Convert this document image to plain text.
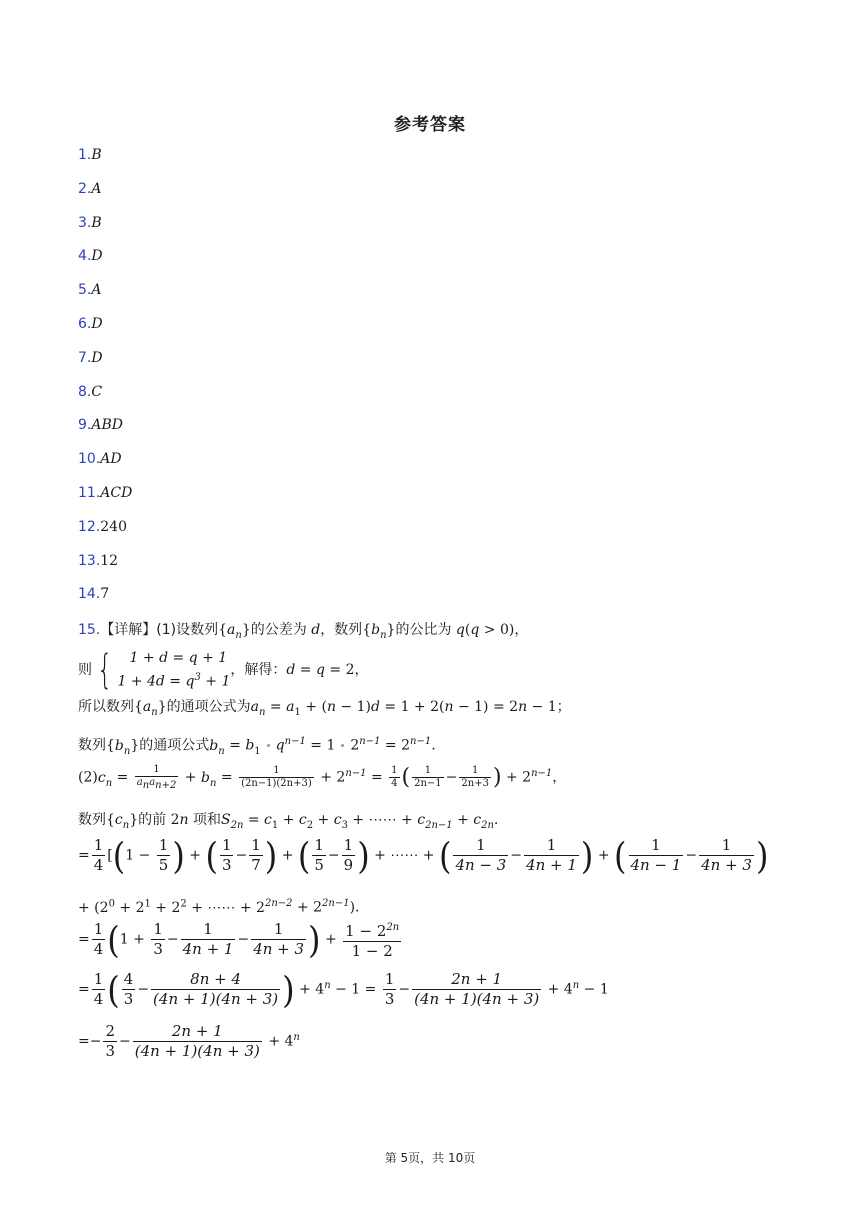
参考答案
1.B
2.A
3.B
4.D
5.A
6.D
7.D
8.C
9.ABD
10.AD
11.ACD
12.240
13.12
14.7
15.【详解】(1)设数列$\{a_n\}$的公差为 d，数列$\{b_n\}$的公比为 q(q > 0)，
则 { 1 + d = q + 1
$1 + 4d = q^3 + 1$
，解得：d = q = 2，
所以数列$\{a_n\}$的通项公式为$a_n = a_1 + (n - 1)d = 1 + 2(n - 1) = 2n - 1$；
数列$\{b_n\}$的通项公式$b_n = b_1$ $q^{n-1} = 1$ $2^{n-1} = 2^{n-1}$.
$(2)c_n = \frac{1}{a_na_{n+2}} + b_n = \frac{1}{(2n-1)(2n+3)} + 2^{n-1} = \frac{1}{4}$ ( $\frac{1}{2n-1} - \frac{1}{2n+3}$ ) + $2^{n-1}$，
数列$\{c_n\}$的前 2n 项和$S_{2n} = c_1 + c_2 + c_3$ + ⋯⋯ + $c_{2n-1} + c_{2n}$.
= $\frac{1}{4} [(1 - \frac{1}{5}$ ) + ( $\frac{1}{3} - \frac{1}{7}$ ) + ( $\frac{1}{5} - \frac{1}{9}$ ) + ⋯⋯ + ( $\frac{1}{4n - 3} - \frac{1}{4n + 1}$ ) + ( $\frac{1}{4n - 1} - \frac{1}{4n + 3}$ )
+ ($2^0 + 2^1 + 2^2$ + ⋯⋯ + $2^{2n-2} + 2^{2n-1}$).
= $\frac{1}{4} (1 + \frac{1}{3} - \frac{1}{4n + 1} - \frac{1}{4n + 3}$ ) + $\frac{1 - 2^{2n}}{1 - 2}$
= $\frac{1}{4}$ ( $\frac{4}{3} - \frac{8n + 4}{(4n + 1)(4n + 3)}$ ) + $4^n - 1 = \frac{1}{3} - \frac{2n + 1}{(4n + 1)(4n + 3)} + 4^n - 1$
=− $\frac{2}{3} - \frac{2n + 1}{(4n + 1)(4n + 3)} + 4^n$
第 5页，共 10页
